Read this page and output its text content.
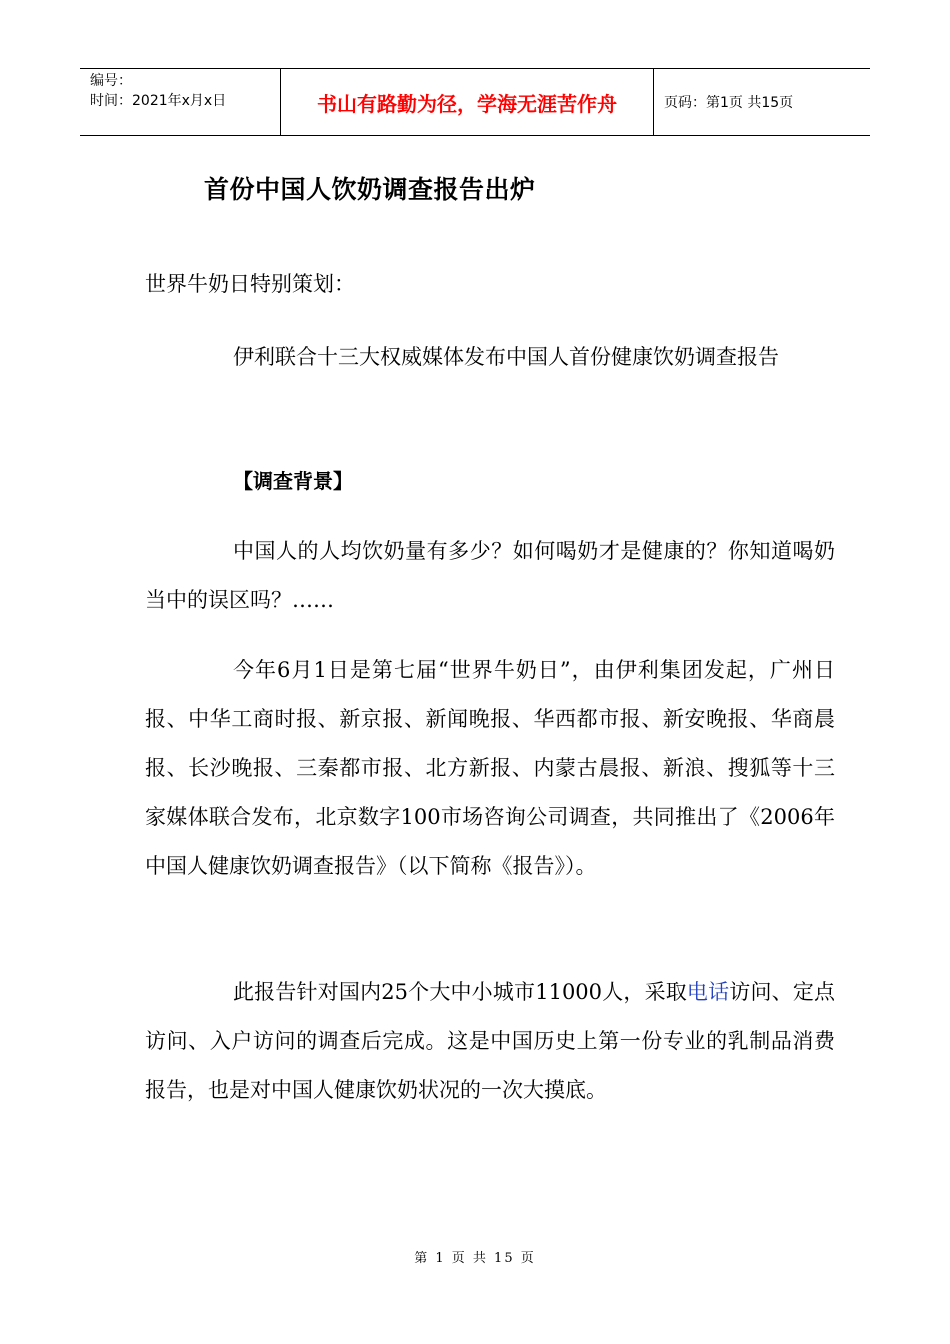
编号：
时间：2021年x月x日	书山有路勤为径，学海无涯苦作舟	页码：第1页 共15页
首份中国人饮奶调查报告出炉

世界牛奶日特别策划：

伊利联合十三大权威媒体发布中国人首份健康饮奶调查报告

【调查背景】

中国人的人均饮奶量有多少？如何喝奶才是健康的？你知道喝奶当中的误区吗？……

今年6月1日是第七届“世界牛奶日”，由伊利集团发起，广州日报、中华工商时报、新京报、新闻晚报、华西都市报、新安晚报、华商晨报、长沙晚报、三秦都市报、北方新报、内蒙古晨报、新浪、搜狐等十三家媒体联合发布，北京数字100市场咨询公司调查，共同推出了《2006年中国人健康饮奶调查报告》（以下简称《报告》）。

此报告针对国内25个大中小城市11000人，采取电话访问、定点访问、入户访问的调查后完成。这是中国历史上第一份专业的乳制品消费报告，也是对中国人健康饮奶状况的一次大摸底。

第 1 页 共 15 页
